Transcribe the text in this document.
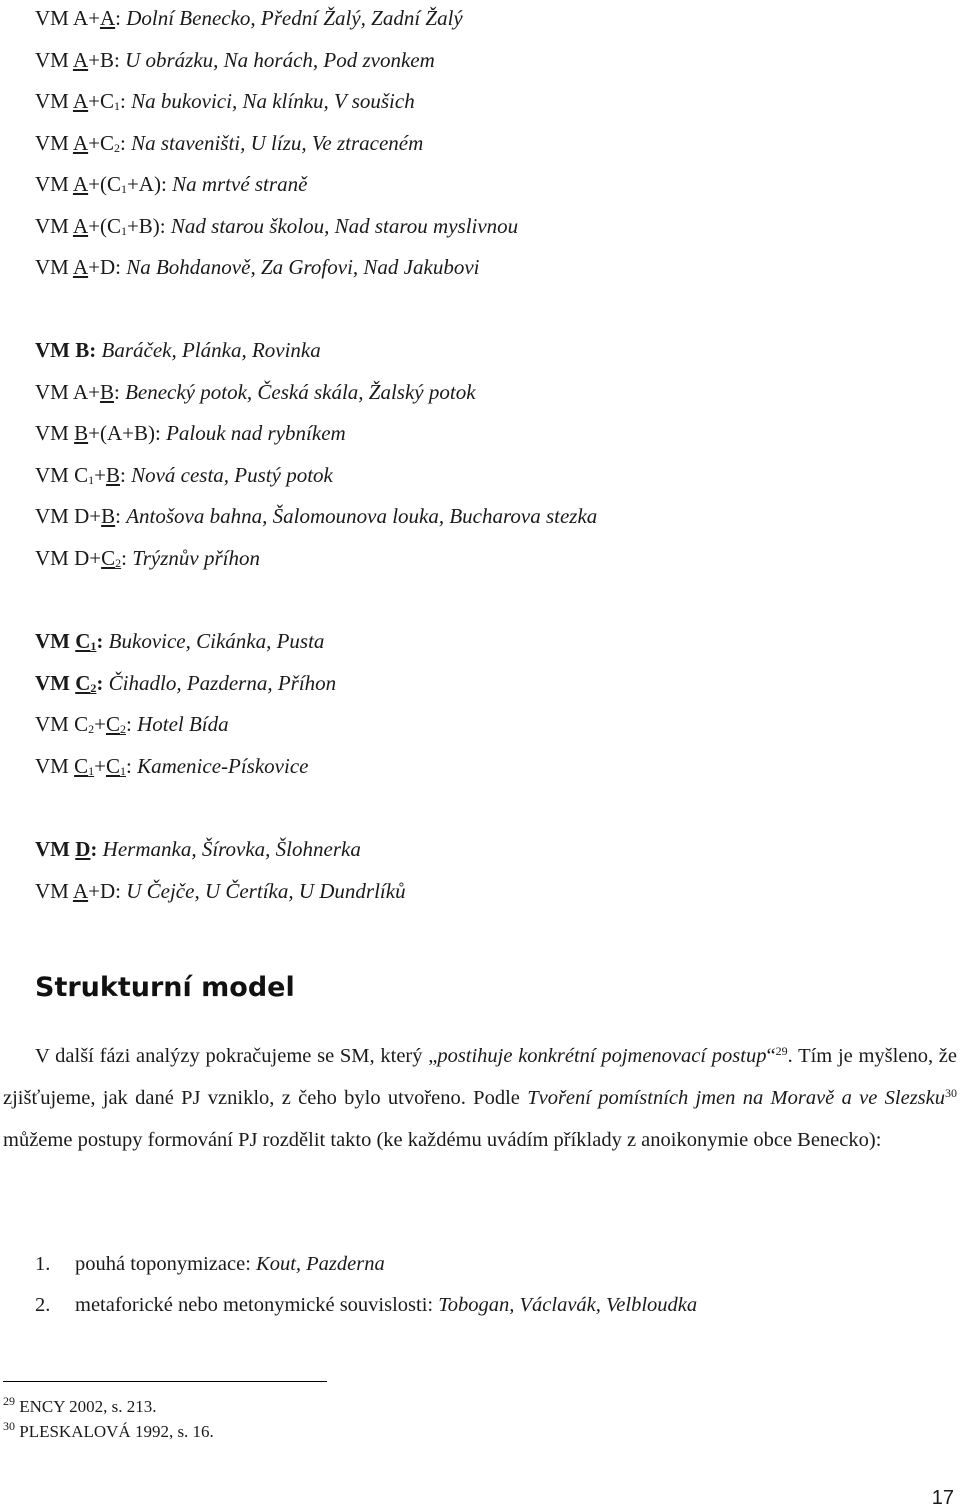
VM A+A: Dolní Benecko, Přední Žalý, Zadní Žalý
VM A+B: U obrázku, Na horách, Pod zvonkem
VM $A+C_1$: Na bukovici, Na klínku, V soušich
VM $A+C_2$: Na staveništi, U lízu, Ve ztraceném
VM $A+(C_1+A)$: Na mrtvé straně
VM $A+(C_1+B)$: Nad starou školou, Nad starou myslivnou
VM A+D: Na Bohdanově, Za Grofovi, Nad Jakubovi
VM B: Baráček, Plánka, Rovinka
VM A+B: Benecký potok, Česká skála, Žalský potok
VM B+(A+B): Palouk nad rybníkem
VM $C_1+B$: Nová cesta, Pustý potok
VM D+B: Antošova bahna, Šalomounova louka, Bucharova stezka
VM $D+C_2$: Trýznův příhon
VM $C_1$: Bukovice, Cikánka, Pusta
VM $C_2$: Čihadlo, Pazderna, Příhon
VM $C_2+C_2$: Hotel Bída
VM $C_1+C_1$: Kamenice-Pískovice
VM D: Hermanka, Šírovka, Šlohnerka
VM A+D: U Čejče, U Čertíka, U Dundrlíků
Strukturní model

V další fázi analýzy pokračujeme se SM, který „postihuje konkrétní pojmenovací postup“$^{29}$. Tím je myšleno, že zjišťujeme, jak dané PJ vzniklo, z čeho bylo utvořeno. Podle Tvoření pomístních jmen na Moravě a ve Slezsku$^{30}$ můžeme postupy formování PJ rozdělit takto (ke každému uvádím příklady z anoikonymie obce Benecko):

1. pouhá toponymizace: Kout, Pazderna
2. metaforické nebo metonymické souvislosti: Tobogan, Václavák, Velbloudka
$^{29}$ ENCY 2002, s. 213.
$^{30}$ PLESKALOVÁ 1992, s. 16.
17
